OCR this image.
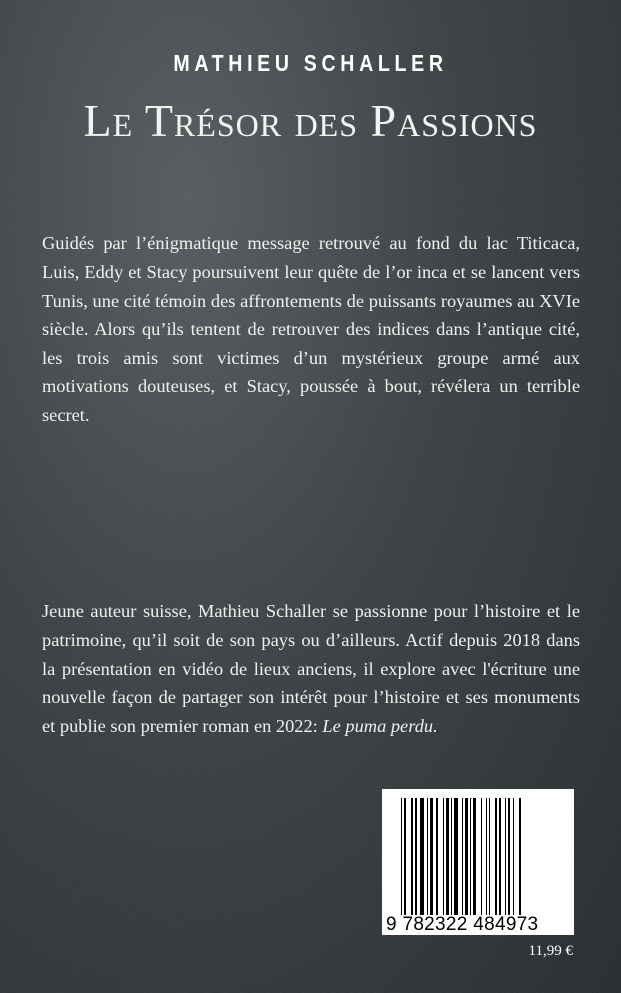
MATHIEU SCHALLER
Le Trésor des Passions

Guidés par l’énigmatique message retrouvé au fond du lac Titicaca, Luis, Eddy et Stacy poursuivent leur quête de l’or inca et se lancent vers Tunis, une cité témoin des affrontements de puissants royaumes au XVIe siècle. Alors qu’ils tentent de retrouver des indices dans l’antique cité, les trois amis sont victimes d’un mystérieux groupe armé aux motivations douteuses, et Stacy, poussée à bout, révélera un terrible secret.

Jeune auteur suisse, Mathieu Schaller se passionne pour l’histoire et le patrimoine, qu’il soit de son pays ou d’ailleurs. Actif depuis 2018 dans la présentation en vidéo de lieux anciens, il explore avec l'écriture une nouvelle façon de partager son intérêt pour l’histoire et ses monuments et publie son premier roman en 2022: Le puma perdu.

9 782322 484973
11,99 €
